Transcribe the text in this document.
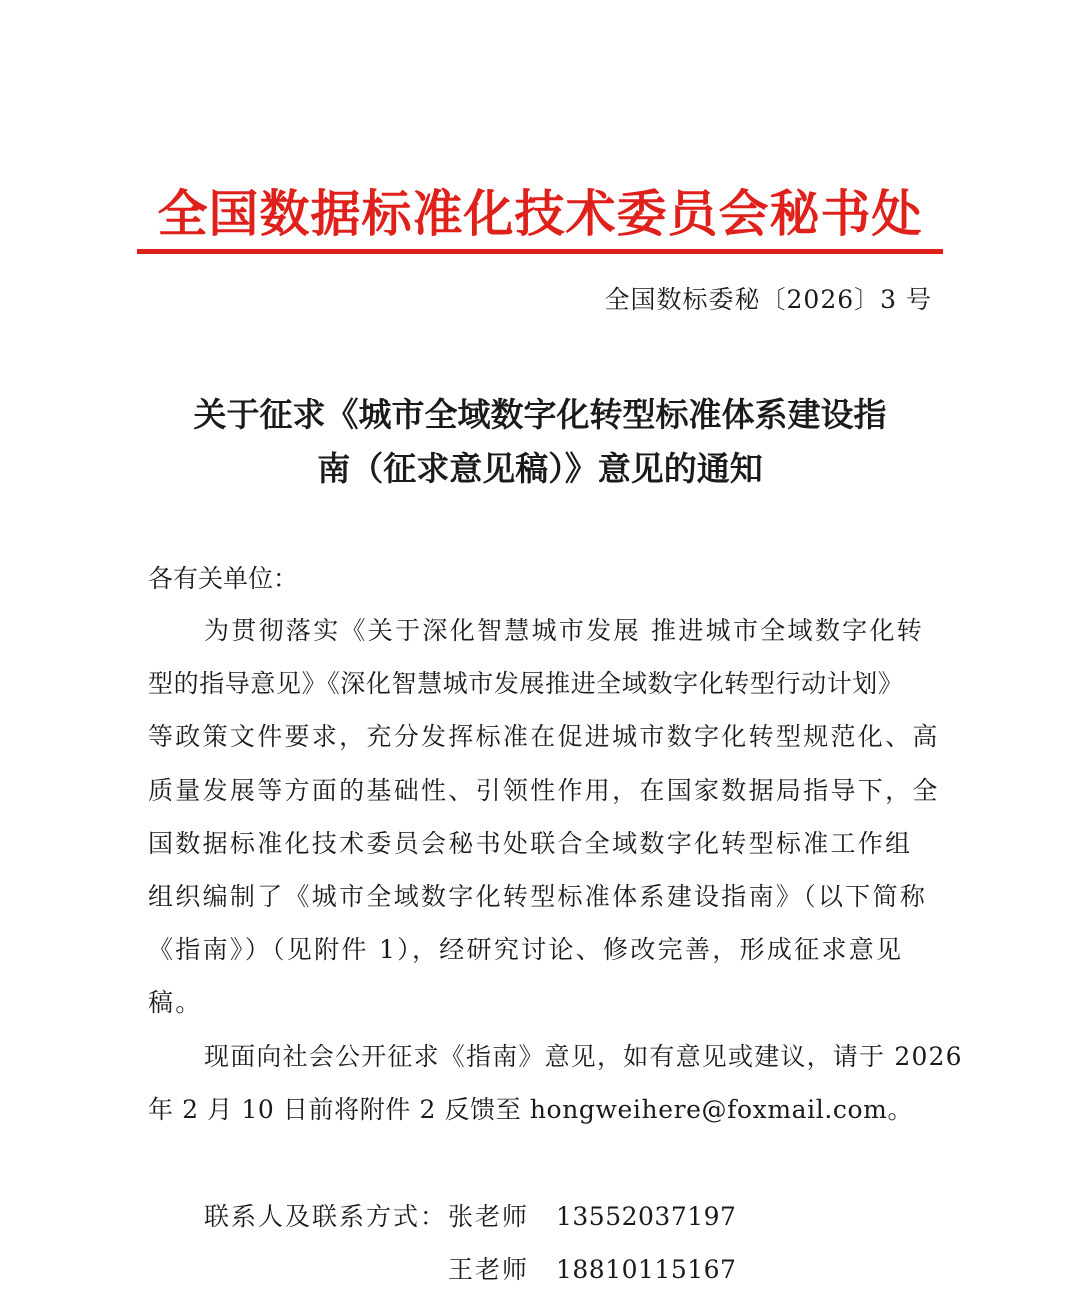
全国数据标准化技术委员会秘书处
全国数标委秘〔2026〕3 号
关于征求《城市全域数字化转型标准体系建设指
南（征求意见稿）》意见的通知
各有关单位：
为贯彻落实《关于深化智慧城市发展 推进城市全域数字化转
型的指导意见》《深化智慧城市发展推进全域数字化转型行动计划》
等政策文件要求，充分发挥标准在促进城市数字化转型规范化、高
质量发展等方面的基础性、引领性作用，在国家数据局指导下，全
国数据标准化技术委员会秘书处联合全域数字化转型标准工作组
组织编制了《城市全域数字化转型标准体系建设指南》（以下简称
《指南》）（见附件 1），经研究讨论、修改完善，形成征求意见
稿。
现面向社会公开征求《指南》意见，如有意见或建议，请于 2026
年 2 月 10 日前将附件 2 反馈至 hongweihere@foxmail.com。
联系人及联系方式： 张老师 13552037197
王老师 18810115167
